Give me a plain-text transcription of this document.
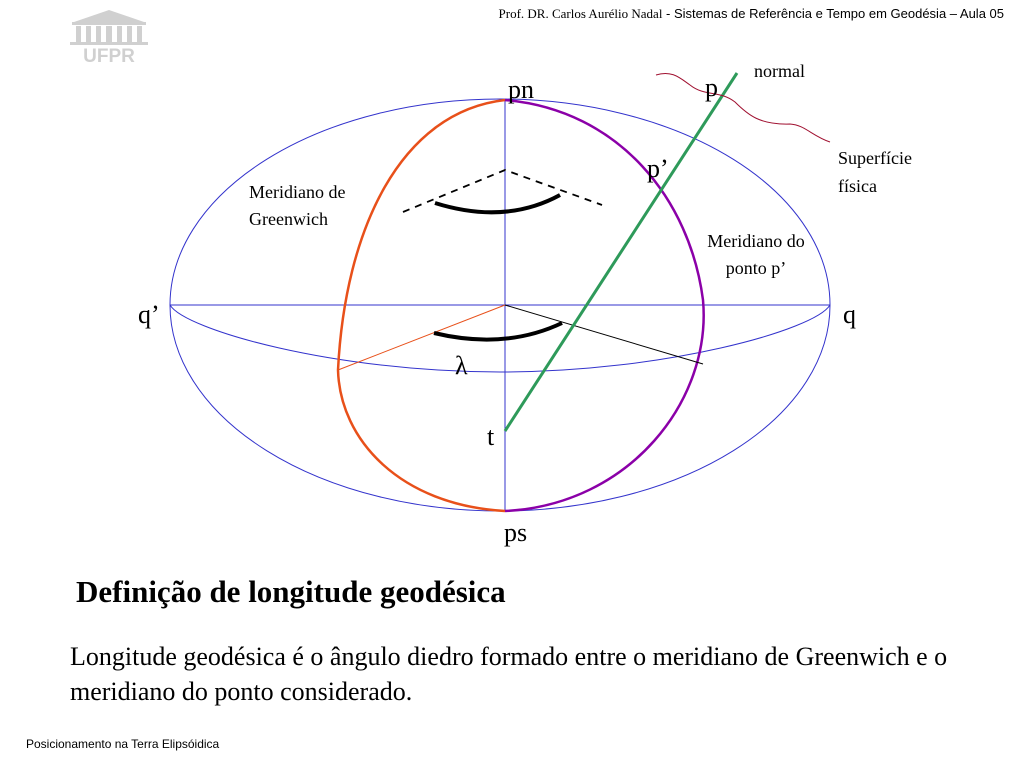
Prof. DR. Carlos Aurélio Nadal - Sistemas de Referência e Tempo em Geodésia – Aula 05
UFPR
pn
ps
q
q’
p
p’
t
λ
normal
Superfície
física
Meridiano de
Greenwich
Meridiano do
ponto p’
Definição de longitude geodésica

Longitude geodésica é o ângulo diedro formado entre o meridiano de Greenwich e o meridiano do ponto considerado.

Posicionamento na Terra Elipsóidica
